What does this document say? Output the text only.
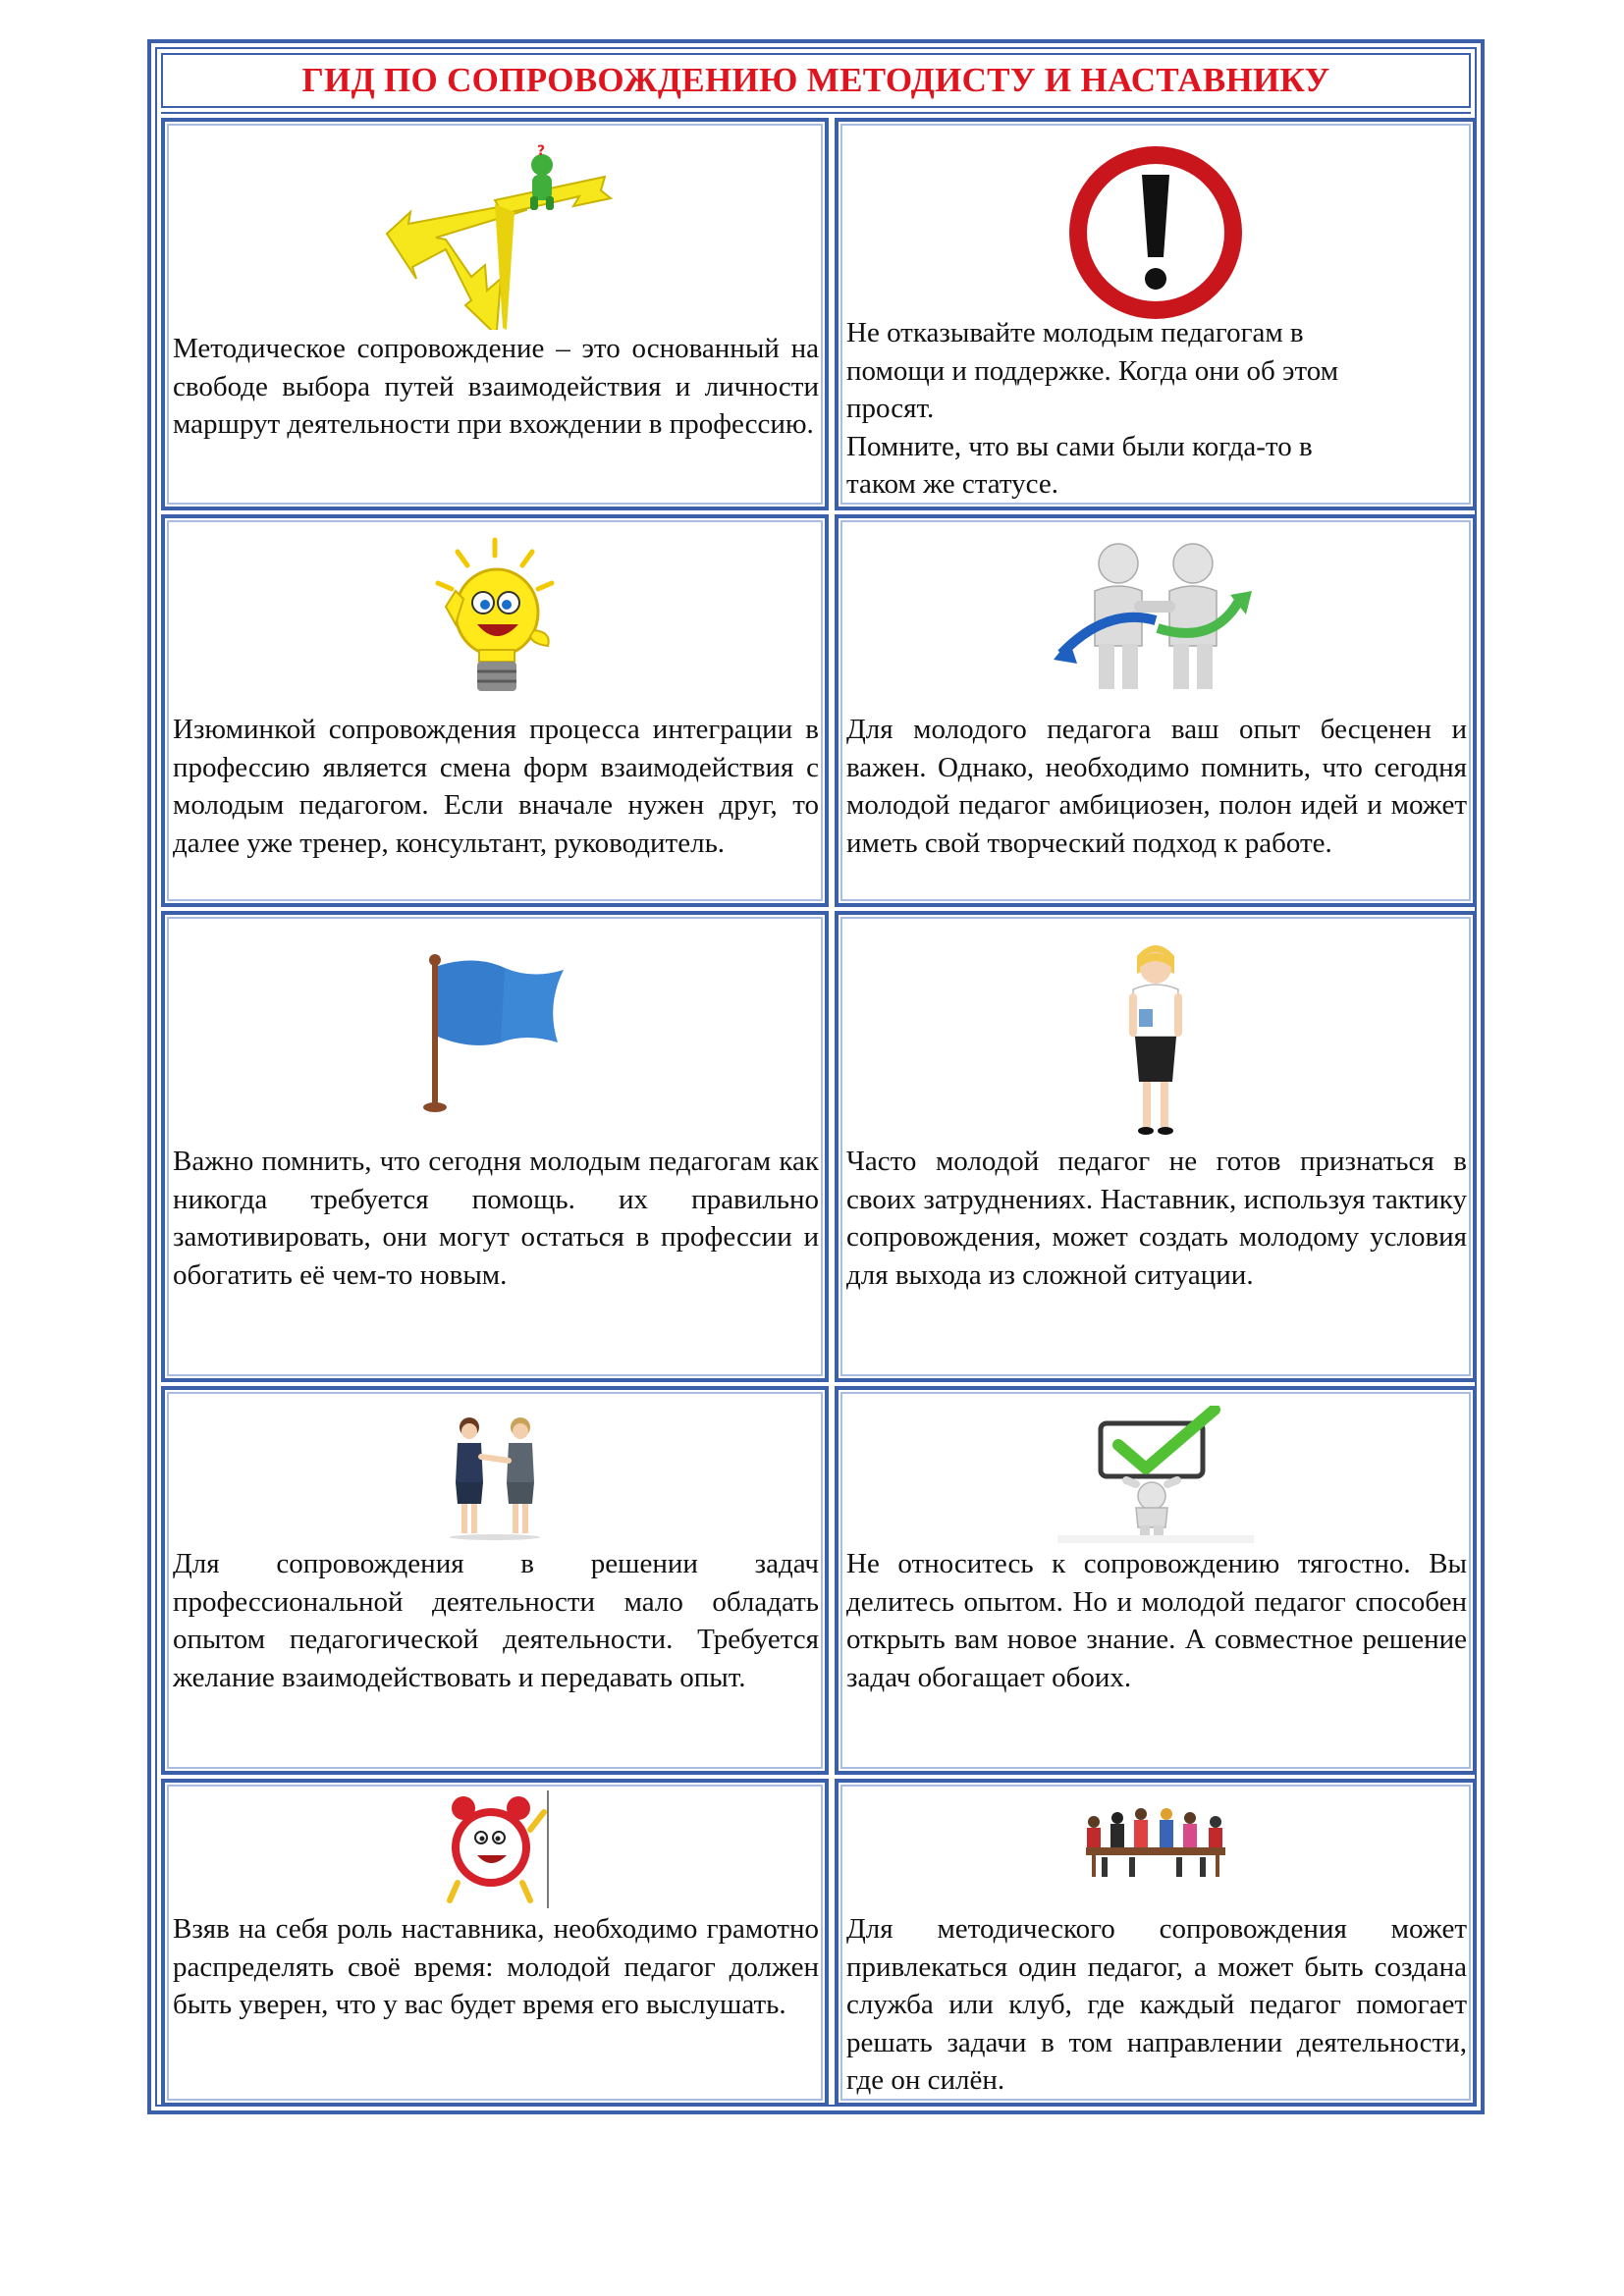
ГИД ПО СОПРОВОЖДЕНИЮ МЕТОДИСТУ И НАСТАВНИКУ
?

Методическое сопровождение – это основанный на свободе выбора путей взаимодействия и личности маршрут деятельности при вхождении в профессию.

Не отказывайте молодым педагогам в
помощи и поддержке. Когда они об этом
просят.
Помните, что вы сами были когда-то в
таком же статусе.

Изюминкой сопровождения процесса интеграции в профессию является смена форм взаимодействия с молодым педагогом. Если вначале нужен друг, то далее уже тренер, консультант, руководитель.

Для молодого педагога ваш опыт бесценен и важен. Однако, необходимо помнить, что сегодня молодой педагог амбициозен, полон идей и может иметь свой творческий подход к работе.

Важно помнить, что сегодня молодым педагогам как никогда требуется помощь. их правильно замотивировать, они могут остаться в профессии и обогатить её чем-то новым.

Часто молодой педагог не готов признаться в своих затруднениях. Наставник, используя тактику сопровождения, может создать молодому условия для выхода из сложной ситуации.

Для сопровождения в решении задач профессиональной деятельности мало обладать опытом педагогической деятельности. Требуется желание взаимодействовать и передавать опыт.

Не относитесь к сопровождению тягостно. Вы делитесь опытом. Но и молодой педагог способен открыть вам новое знание. А совместное решение задач обогащает обоих.

Взяв на себя роль наставника, необходимо грамотно распределять своё время: молодой педагог должен быть уверен, что у вас будет время его выслушать.

Для методического сопровождения может привлекаться один педагог, а может быть создана служба или клуб, где каждый педагог помогает решать задачи в том направлении деятельности, где он силён.
